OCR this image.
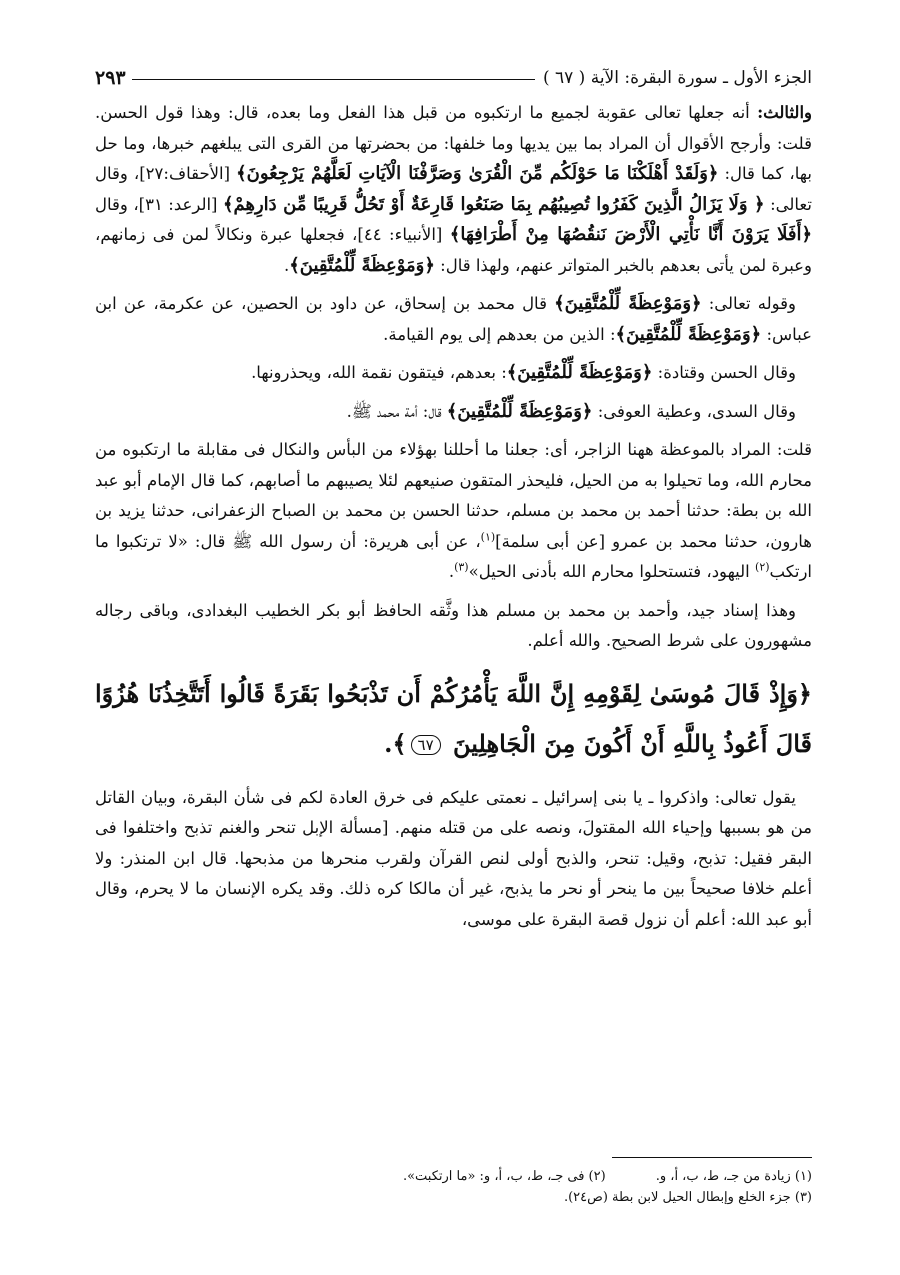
الجزء الأول ـ سورة البقرة: الآية ( ٦٧ )
٢٩٣

والثالث: أنه جعلها تعالى عقوبة لجميع ما ارتكبوه من قبل هذا الفعل وما بعده، قال: وهذا قول الحسن. قلت: وأرجح الأقوال أن المراد بما بين يديها وما خلفها: من بحضرتها من القرى التى يبلغهم خبرها، وما حل بها، كما قال: ﴿وَلَقَدْ أَهْلَكْنَا مَا حَوْلَكُم مِّنَ الْقُرَىٰ وَصَرَّفْنَا الْآيَاتِ لَعَلَّهُمْ يَرْجِعُونَ﴾ [الأحقاف:٢٧]، وقال تعالى: ﴿ وَلَا يَزَالُ الَّذِينَ كَفَرُوا تُصِيبُهُم بِمَا صَنَعُوا قَارِعَةٌ أَوْ تَحُلُّ قَرِيبًا مِّن دَارِهِمْ﴾ [الرعد: ٣١]، وقال ﴿أَفَلَا يَرَوْنَ أَنَّا نَأْتِي الْأَرْضَ نَنقُصُهَا مِنْ أَطْرَافِهَا﴾ [الأنبياء: ٤٤]، فجعلها عبرة ونكالاً لمن فى زمانهم، وعبرة لمن يأتى بعدهم بالخبر المتواتر عنهم، ولهذا قال: ﴿وَمَوْعِظَةً لِّلْمُتَّقِينَ﴾.

وقوله تعالى: ﴿وَمَوْعِظَةً لِّلْمُتَّقِينَ﴾ قال محمد بن إسحاق، عن داود بن الحصين، عن عكرمة، عن ابن عباس: ﴿وَمَوْعِظَةً لِّلْمُتَّقِينَ﴾: الذين من بعدهم إلى يوم القيامة.

وقال الحسن وقتادة: ﴿وَمَوْعِظَةً لِّلْمُتَّقِينَ﴾: بعدهم، فيتقون نقمة الله، ويحذرونها.

وقال السدى، وعطية العوفى: ﴿وَمَوْعِظَةً لِّلْمُتَّقِينَ﴾ قال: أمة محمد ﷺ.

قلت: المراد بالموعظة ههنا الزاجر، أى: جعلنا ما أحللنا بهؤلاء من البأس والنكال فى مقابلة ما ارتكبوه من محارم الله، وما تحيلوا به من الحيل، فليحذر المتقون صنيعهم لئلا يصيبهم ما أصابهم، كما قال الإمام أبو عبد الله بن بطة: حدثنا أحمد بن محمد بن مسلم، حدثنا الحسن بن محمد بن الصباح الزعفرانى، حدثنا يزيد بن هارون، حدثنا محمد بن عمرو [عن أبى سلمة]$^{(١)}$، عن أبى هريرة: أن رسول الله ﷺ قال: «لا ترتكبوا ما ارتكب$^{(٢)}$ اليهود، فتستحلوا محارم الله بأدنى الحيل»$^{(٣)}$.

وهذا إسناد جيد، وأحمد بن محمد بن مسلم هذا وثَّقه الحافظ أبو بكر الخطيب البغدادى، وباقى رجاله مشهورون على شرط الصحيح. والله أعلم.

﴿وَإِذْ قَالَ مُوسَىٰ لِقَوْمِهِ إِنَّ اللَّهَ يَأْمُرُكُمْ أَن تَذْبَحُوا بَقَرَةً قَالُوا أَتَتَّخِذُنَا هُزُوًا قَالَ أَعُوذُ بِاللَّهِ أَنْ أَكُونَ مِنَ الْجَاهِلِينَ ٦٧﴾.

يقول تعالى: واذكروا ـ يا بنى إسرائيل ـ نعمتى عليكم فى خرق العادة لكم فى شأن البقرة، وبيان القاتل من هو بسببها وإحياء الله المقتولَ، ونصه على من قتله منهم. [مسألة الإبل تنحر والغنم تذبح واختلفوا فى البقر فقيل: تذبح، وقيل: تنحر، والذبح أولى لنص القرآن ولقرب منحرها من مذبحها. قال ابن المنذر: ولا أعلم خلافا صحيحاً بين ما ينحر أو نحر ما يذبح، غير أن مالكا كره ذلك. وقد يكره الإنسان ما لا يحرم، وقال أبو عبد الله: أعلم أن نزول قصة البقرة على موسى،

(١) زيادة من جـ، ط، ب، أ، و.
(٢) فى جـ، ط، ب، أ، و: «ما ارتكبت».
(٣) جزء الخلع وإبطال الحيل لابن بطة (ص٢٤).
